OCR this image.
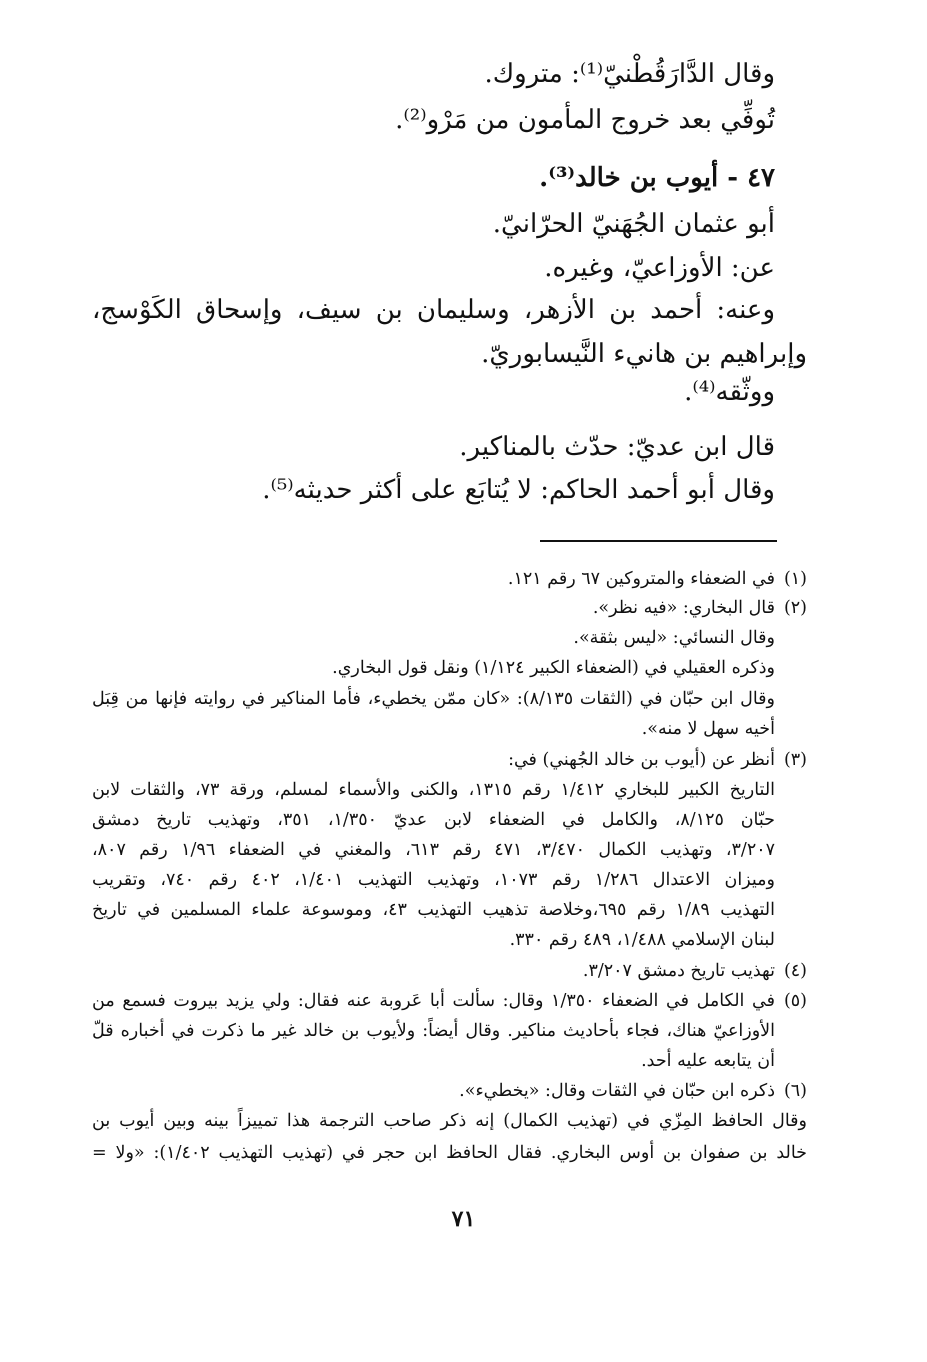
وقال الدَّارَقُطْنيّ⁽¹⁾: متروك.

تُوفِّي بعد خروج المأمون من مَرْو⁽²⁾.

٤٧ - أيوب بن خالد⁽³⁾.

أبو عثمان الجُهَنيّ الحرّانيّ.

عن: الأوزاعيّ، وغيره.

وعنه: أحمد بن الأزهر، وسليمان بن سيف، وإسحاق الكَوْسج،

وإبراهيم بن هانيء النَّيسابوريّ.

ووثّقه⁽⁴⁾.

قال ابن عديّ: حدّث بالمناكير.

وقال أبو أحمد الحاكم: لا يُتابَع على أكثر حديثه⁽⁵⁾.

(١)
(٢)
(٣)
(٤)
(٥)
(٦)

في الضعفاء والمتروكين ٦٧ رقم ١٢١.

قال البخاري: «فيه نظر».

وقال النسائي: «ليس بثقة».

وذكره العقيلي في (الضعفاء الكبير ١/١٢٤) ونقل قول البخاري.

وقال ابن حبّان في (الثقات ٨/١٣٥): «كان ممّن يخطيء، فأما المناكير في روايته فإنها من قِبَل

أخيه سهل لا منه».

أنظر عن (أيوب بن خالد الجُهني) في:

التاريخ الكبير للبخاري ١/٤١٢ رقم ١٣١٥، والكنى والأسماء لمسلم، ورقة ٧٣، والثقات لابن

حبّان ٨/١٢٥، والكامل في الضعفاء لابن عديّ ١/٣٥٠، ٣٥١، وتهذيب تاريخ دمشق

٣/٢٠٧، وتهذيب الكمال ٣/٤٧٠، ٤٧١ رقم ٦١٣، والمغني في الضعفاء ١/٩٦ رقم ٨٠٧،

وميزان الاعتدال ١/٢٨٦ رقم ١٠٧٣، وتهذيب التهذيب ١/٤٠١، ٤٠٢ رقم ٧٤٠، وتقريب

التهذيب ١/٨٩ رقم ٦٩٥،وخلاصة تذهيب التهذيب ٤٣، وموسوعة علماء المسلمين في تاريخ

لبنان الإسلامي ١/٤٨٨، ٤٨٩ رقم ٣٣٠.

تهذيب تاريخ دمشق ٣/٢٠٧.

في الكامل في الضعفاء ١/٣٥٠ وقال: سألت أبا عَروبة عنه فقال: ولي يزيد بيروت فسمع من

الأوزاعيّ هناك، فجاء بأحاديث مناكير. وقال أيضاً: ولأيوب بن خالد غير ما ذكرت في أخباره قلّ

أن يتابعه عليه أحد.

ذكره ابن حبّان في الثقات وقال: «يخطيء».

وقال الحافظ المِزّي في (تهذيب الكمال) إنه ذكر صاحب الترجمة هذا تمييزاً بينه وبين أيوب بن

خالد بن صفوان بن أوس البخاري. فقال الحافظ ابن حجر في (تهذيب التهذيب ١/٤٠٢): «ولا =

٧١
